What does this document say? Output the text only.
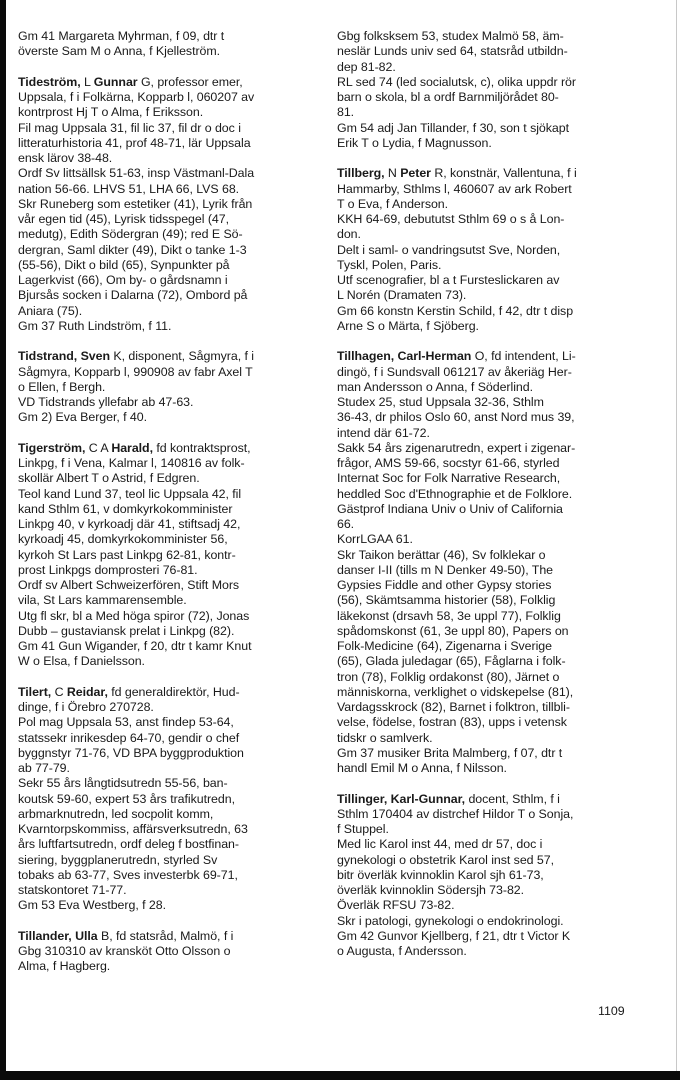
Gm 41 Margareta Myhrman, f 09, dtr t
överste Sam M o Anna, f Kjelleström.
Tideström, L Gunnar G, professor emer,
Uppsala, f i Folkärna, Kopparb l, 060207 av
kontrprost Hj T o Alma, f Eriksson.
Fil mag Uppsala 31, fil lic 37, fil dr o doc i
litteraturhistoria 41, prof 48-71, lär Uppsala
ensk lärov 38-48.
Ordf Sv littsällsk 51-63, insp Västmanl-Dala
nation 56-66. LHVS 51, LHA 66, LVS 68.
Skr Runeberg som estetiker (41), Lyrik från
vår egen tid (45), Lyrisk tidsspegel (47,
medutg), Edith Södergran (49); red E Sö-
dergran, Saml dikter (49), Dikt o tanke 1-3
(55-56), Dikt o bild (65), Synpunkter på
Lagerkvist (66), Om by- o gårdsnamn i
Bjursås socken i Dalarna (72), Ombord på
Aniara (75).
Gm 37 Ruth Lindström, f 11.
Tidstrand, Sven K, disponent, Sågmyra, f i
Sågmyra, Kopparb l, 990908 av fabr Axel T
o Ellen, f Bergh.
VD Tidstrands yllefabr ab 47-63.
Gm 2) Eva Berger, f 40.
Tigerström, C A Harald, fd kontraktsprost,
Linkpg, f i Vena, Kalmar l, 140816 av folk-
skollär Albert T o Astrid, f Edgren.
Teol kand Lund 37, teol lic Uppsala 42, fil
kand Sthlm 61, v domkyrkokomminister
Linkpg 40, v kyrkoadj där 41, stiftsadj 42,
kyrkoadj 45, domkyrkokomminister 56,
kyrkoh St Lars past Linkpg 62-81, kontr-
prost Linkpgs domprosteri 76-81.
Ordf sv Albert Schweizerfören, Stift Mors
vila, St Lars kammarensemble.
Utg fl skr, bl a Med höga spiror (72), Jonas
Dubb – gustaviansk prelat i Linkpg (82).
Gm 41 Gun Wigander, f 20, dtr t kamr Knut
W o Elsa, f Danielsson.
Tilert, C Reidar, fd generaldirektör, Hud-
dinge, f i Örebro 270728.
Pol mag Uppsala 53, anst findep 53-64,
statssekr inrikesdep 64-70, gendir o chef
byggnstyr 71-76, VD BPA byggproduktion
ab 77-79.
Sekr 55 års långtidsutredn 55-56, ban-
koutsk 59-60, expert 53 års trafikutredn,
arbmarknutredn, led socpolit komm,
Kvarntorpskommiss, affärsverksutredn, 63
års luftfartsutredn, ordf deleg f bostfinan-
siering, byggplanerutredn, styrled Sv
tobaks ab 63-77, Sves investerbk 69-71,
statskontoret 71-77.
Gm 53 Eva Westberg, f 28.
Tillander, Ulla B, fd statsråd, Malmö, f i
Gbg 310310 av kransköt Otto Olsson o
Alma, f Hagberg.
Gbg folksksem 53, studex Malmö 58, äm-
neslär Lunds univ sed 64, statsråd utbildn-
dep 81-82.
RL sed 74 (led socialutsk, c), olika uppdr rör
barn o skola, bl a ordf Barnmiljörådet 80-
81.
Gm 54 adj Jan Tillander, f 30, son t sjökapt
Erik T o Lydia, f Magnusson.
Tillberg, N Peter R, konstnär, Vallentuna, f i
Hammarby, Sthlms l, 460607 av ark Robert
T o Eva, f Anderson.
KKH 64-69, debututst Sthlm 69 o s å Lon-
don.
Delt i saml- o vandringsutst Sve, Norden,
Tyskl, Polen, Paris.
Utf scenografier, bl a t Fursteslickaren av
L Norén (Dramaten 73).
Gm 66 konstn Kerstin Schild, f 42, dtr t disp
Arne S o Märta, f Sjöberg.
Tillhagen, Carl-Herman O, fd intendent, Li-
dingö, f i Sundsvall 061217 av åkeriäg Her-
man Andersson o Anna, f Söderlind.
Studex 25, stud Uppsala 32-36, Sthlm
36-43, dr philos Oslo 60, anst Nord mus 39,
intend där 61-72.
Sakk 54 års zigenarutredn, expert i zigenar-
frågor, AMS 59-66, socstyr 61-66, styrled
Internat Soc for Folk Narrative Research,
heddled Soc d'Ethnographie et de Folklore.
Gästprof Indiana Univ o Univ of California
66.
KorrLGAA 61.
Skr Taikon berättar (46), Sv folklekar o
danser I-II (tills m N Denker 49-50), The
Gypsies Fiddle and other Gypsy stories
(56), Skämtsamma historier (58), Folklig
läkekonst (drsavh 58, 3e uppl 77), Folklig
spådomskonst (61, 3e uppl 80), Papers on
Folk-Medicine (64), Zigenarna i Sverige
(65), Glada juledagar (65), Fåglarna i folk-
tron (78), Folklig ordakonst (80), Järnet o
människorna, verklighet o vidskepelse (81),
Vardagsskrock (82), Barnet i folktron, tillbli-
velse, födelse, fostran (83), upps i vetensk
tidskr o samlverk.
Gm 37 musiker Brita Malmberg, f 07, dtr t
handl Emil M o Anna, f Nilsson.
Tillinger, Karl-Gunnar, docent, Sthlm, f i
Sthlm 170404 av distrchef Hildor T o Sonja,
f Stuppel.
Med lic Karol inst 44, med dr 57, doc i
gynekologi o obstetrik Karol inst sed 57,
bitr överläk kvinnoklin Karol sjh 61-73,
överläk kvinnoklin Södersjh 73-82.
Överläk RFSU 73-82.
Skr i patologi, gynekologi o endokrinologi.
Gm 42 Gunvor Kjellberg, f 21, dtr t Victor K
o Augusta, f Andersson.
1109
